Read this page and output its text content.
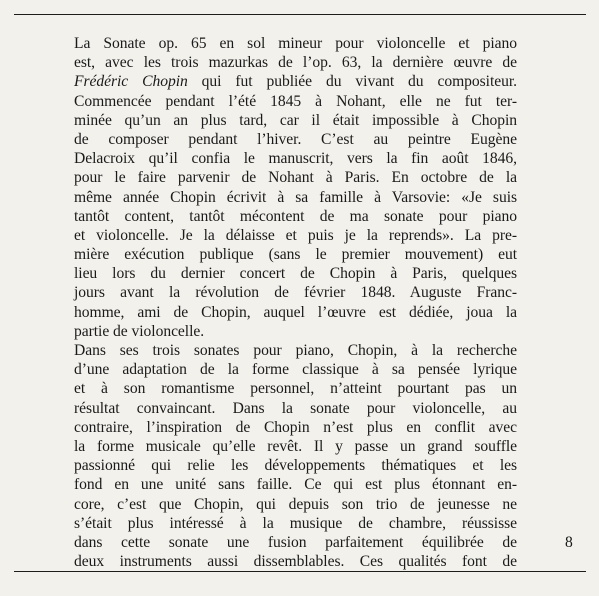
La Sonate op. 65 en sol mineur pour violoncelle et piano
est, avec les trois mazurkas de l’op. 63, la dernière œuvre de
Frédéric Chopin qui fut publiée du vivant du compositeur.
Commencée pendant l’été 1845 à Nohant, elle ne fut ter-
minée qu’un an plus tard, car il était impossible à Chopin
de composer pendant l’hiver. C’est au peintre Eugène
Delacroix qu’il confia le manuscrit, vers la fin août 1846,
pour le faire parvenir de Nohant à Paris. En octobre de la
même année Chopin écrivit à sa famille à Varsovie: «Je suis
tantôt content, tantôt mécontent de ma sonate pour piano
et violoncelle. Je la délaisse et puis je la reprends». La pre-
mière exécution publique (sans le premier mouvement) eut
lieu lors du dernier concert de Chopin à Paris, quelques
jours avant la révolution de février 1848. Auguste Franc-
homme, ami de Chopin, auquel l’œuvre est dédiée, joua la
partie de violoncelle.
Dans ses trois sonates pour piano, Chopin, à la recherche
d’une adaptation de la forme classique à sa pensée lyrique
et à son romantisme personnel, n’atteint pourtant pas un
résultat convaincant. Dans la sonate pour violoncelle, au
contraire, l’inspiration de Chopin n’est plus en conflit avec
la forme musicale qu’elle revêt. Il y passe un grand souffle
passionné qui relie les développements thématiques et les
fond en une unité sans faille. Ce qui est plus étonnant en-
core, c’est que Chopin, qui depuis son trio de jeunesse ne
s’était plus intéressé à la musique de chambre, réussisse
dans cette sonate une fusion parfaitement équilibrée de
deux instruments aussi dissemblables. Ces qualités font de
8
